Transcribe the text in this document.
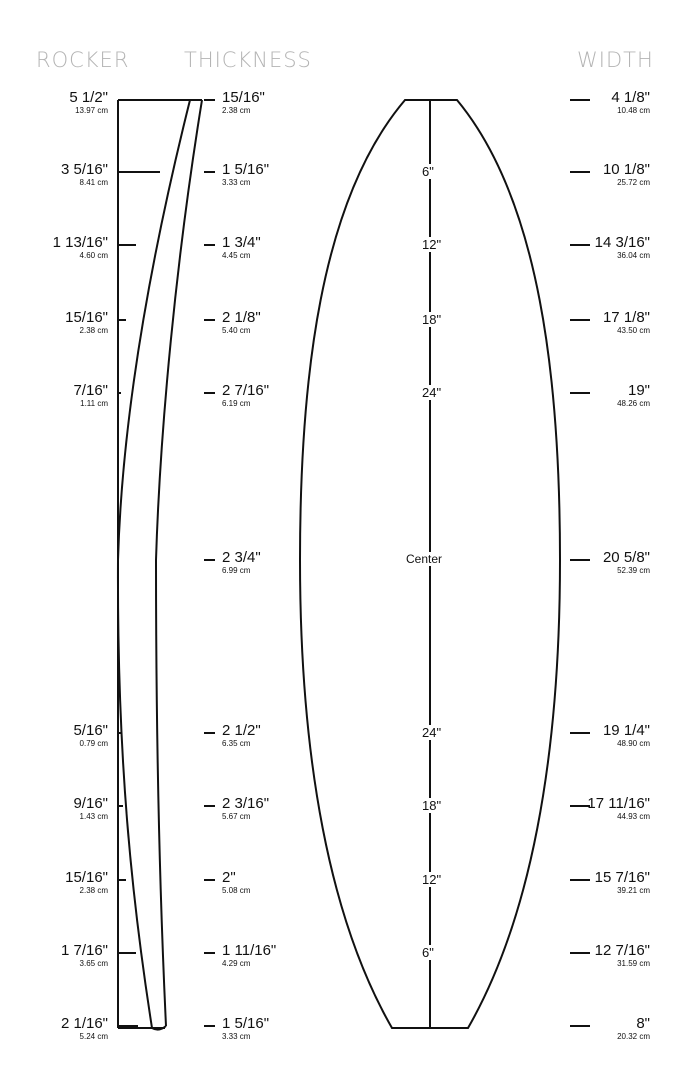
ROCKER	THICKNESS	WIDTH
5 1/2"
13.97 cm
15/16"
2.38 cm
4 1/8"
10.48 cm
3 5/16"
8.41 cm
1 5/16"
3.33 cm
10 1/8"
25.72 cm
1 13/16"
4.60 cm
1 3/4"
4.45 cm
14 3/16"
36.04 cm
15/16"
2.38 cm
2 1/8"
5.40 cm
17 1/8"
43.50 cm
7/16"
1.11 cm
2 7/16"
6.19 cm
19"
48.26 cm
2 3/4"
6.99 cm
20 5/8"
52.39 cm
5/16"
0.79 cm
2 1/2"
6.35 cm
19 1/4"
48.90 cm
9/16"
1.43 cm
2 3/16"
5.67 cm
17 11/16"
44.93 cm
15/16"
2.38 cm
2"
5.08 cm
15 7/16"
39.21 cm
1 7/16"
3.65 cm
1 11/16"
4.29 cm
12 7/16"
31.59 cm
2 1/16"
5.24 cm
1 5/16"
3.33 cm
8"
20.32 cm
6"
12"
18"
24"
Center
24"
18"
12"
6"
